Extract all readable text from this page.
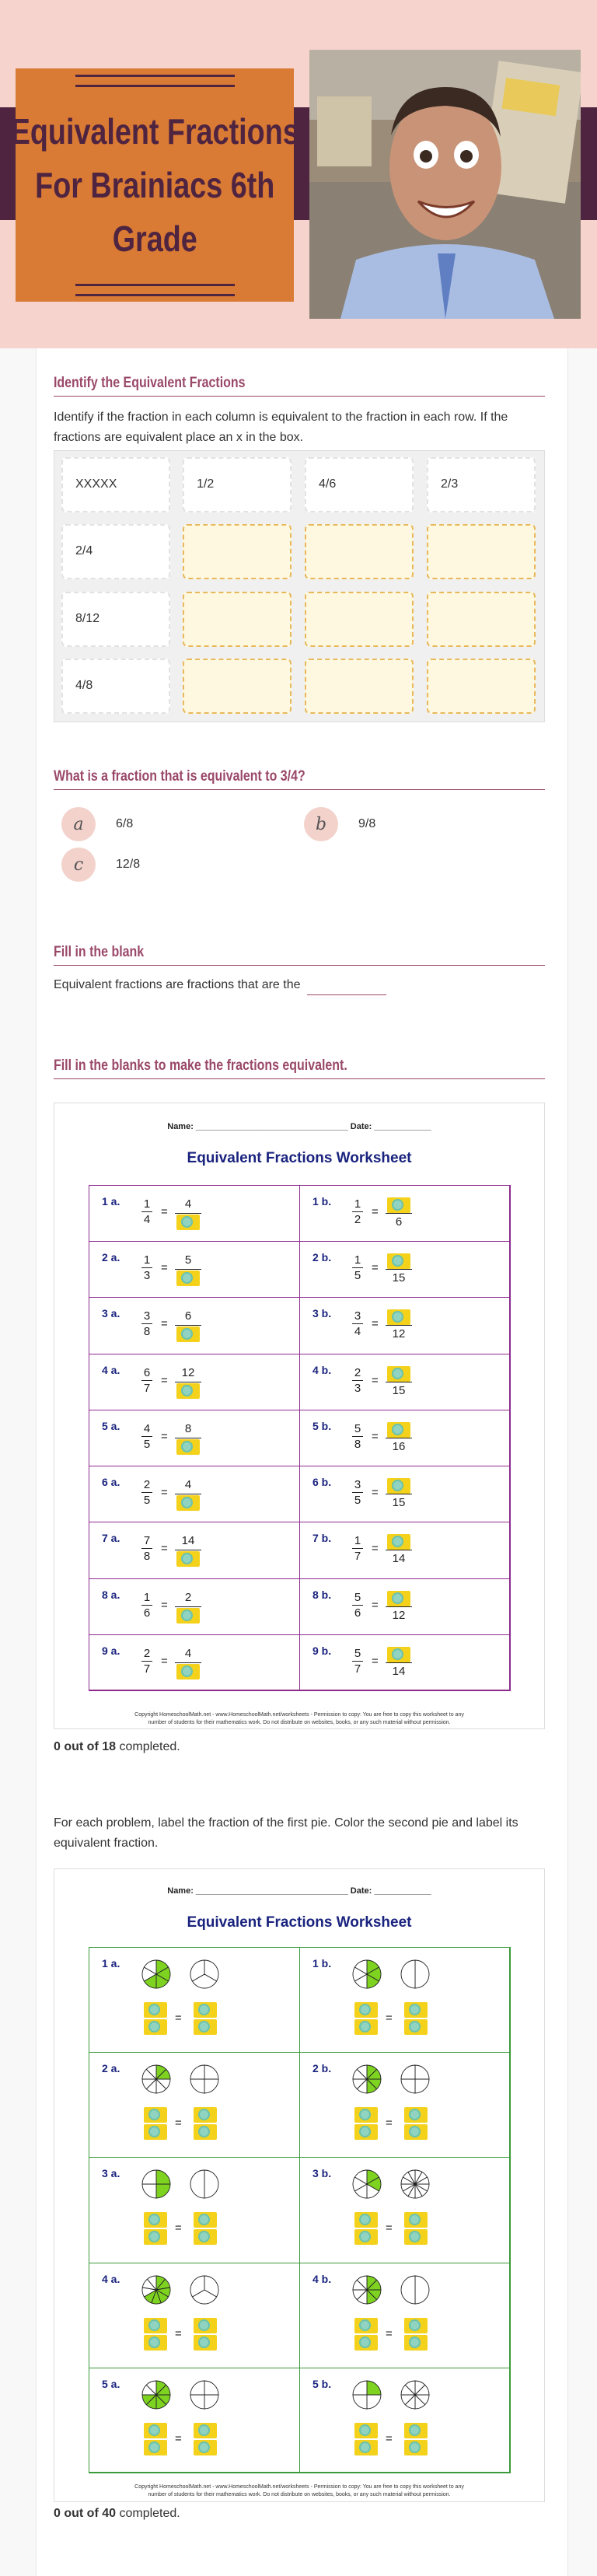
Equivalent Fractions
For Brainiacs 6th
Grade
Identify the Equivalent Fractions
Identify if the fraction in each column is equivalent to the fraction in each row. If the fractions are equivalent place an x in the box.
XXXXX	1/2	4/6	2/3
2/4
8/12
4/8
What is a fraction that is equivalent to 3/4?
a	6/8	b	9/8
c	12/8
Fill in the blank
Equivalent fractions are fractions that are the
Fill in the blanks to make the fractions equivalent.
Name: ________________________________ Date: ____________
Equivalent Fractions Worksheet
1 a. 1
4
=
4	1 b. 1
2
=
6
2 a. 1
3
=
5	2 b. 1
5
=
15
3 a. 3
8
=
6	3 b. 3
4
=
12
4 a. 6
7
=
12	4 b. 2
3
=
15
5 a. 4
5
=
8	5 b. 5
8
=
16
6 a. 2
5
=
4	6 b. 3
5
=
15
7 a. 7
8
=
14	7 b. 1
7
=
14
8 a. 1
6
=
2	8 b. 5
6
=
12
9 a. 2
7
=
4	9 b. 5
7
=
14
Copyright HomeschoolMath.net - www.HomeschoolMath.net/worksheets - Permission to copy: You are free to copy this worksheet to any
number of students for their mathematics work. Do not distribute on websites, books, or any such material without permission.
0 out of 18 completed.
For each problem, label the fraction of the first pie. Color the second pie and label its equivalent fraction.
Name: ________________________________ Date: ____________
Equivalent Fractions Worksheet
1 a.
=
1 b.
=
2 a.
=
2 b.
=
3 a.
=
3 b.
=
4 a.
=
4 b.
=
5 a.
=
5 b.
=
Copyright HomeschoolMath.net - www.HomeschoolMath.net/worksheets - Permission to copy: You are free to copy this worksheet to any
number of students for their mathematics work. Do not distribute on websites, books, or any such material without permission.
0 out of 40 completed.
